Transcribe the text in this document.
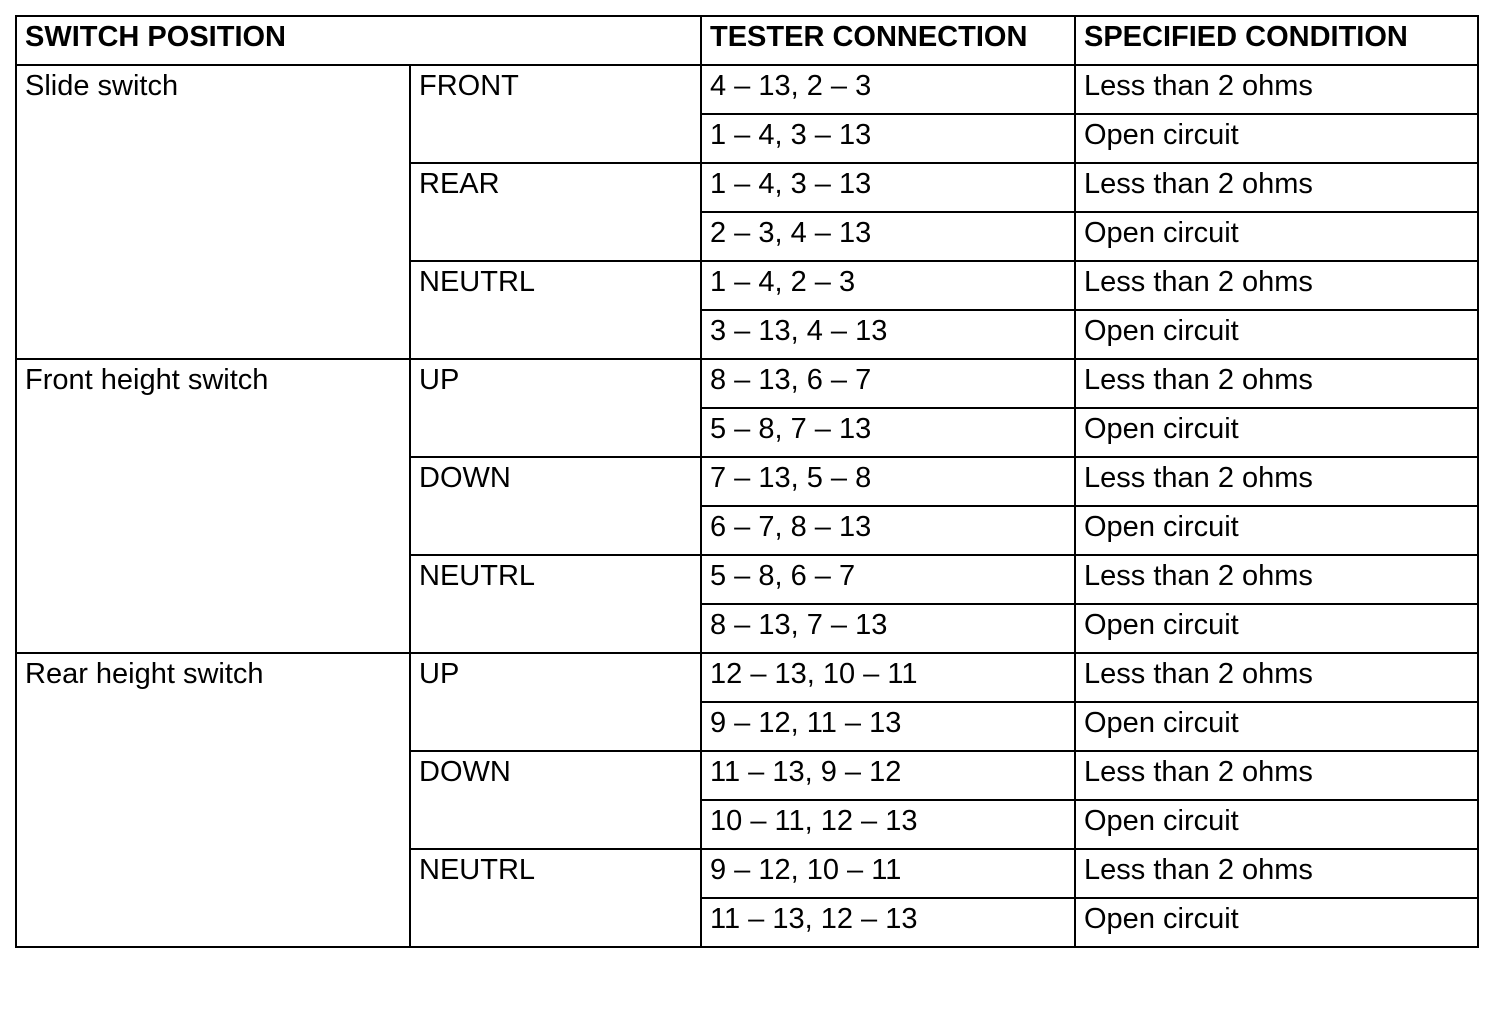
SWITCH POSITION		TESTER CONNECTION	SPECIFIED CONDITION
Slide switch	FRONT	4 – 13, 2 – 3	Less than 2 ohms
		1 – 4, 3 – 13	Open circuit
	REAR	1 – 4, 3 – 13	Less than 2 ohms
		2 – 3, 4 – 13	Open circuit
	NEUTRL	1 – 4, 2 – 3	Less than 2 ohms
		3 – 13, 4 – 13	Open circuit
Front height switch	UP	8 – 13, 6 – 7	Less than 2 ohms
		5 – 8, 7 – 13	Open circuit
	DOWN	7 – 13, 5 – 8	Less than 2 ohms
		6 – 7, 8 – 13	Open circuit
	NEUTRL	5 – 8, 6 – 7	Less than 2 ohms
		8 – 13, 7 – 13	Open circuit
Rear height switch	UP	12 – 13, 10 – 11	Less than 2 ohms
		9 – 12, 11 – 13	Open circuit
	DOWN	11 – 13, 9 – 12	Less than 2 ohms
		10 – 11, 12 – 13	Open circuit
	NEUTRL	9 – 12, 10 – 11	Less than 2 ohms
		11 – 13, 12 – 13	Open circuit
